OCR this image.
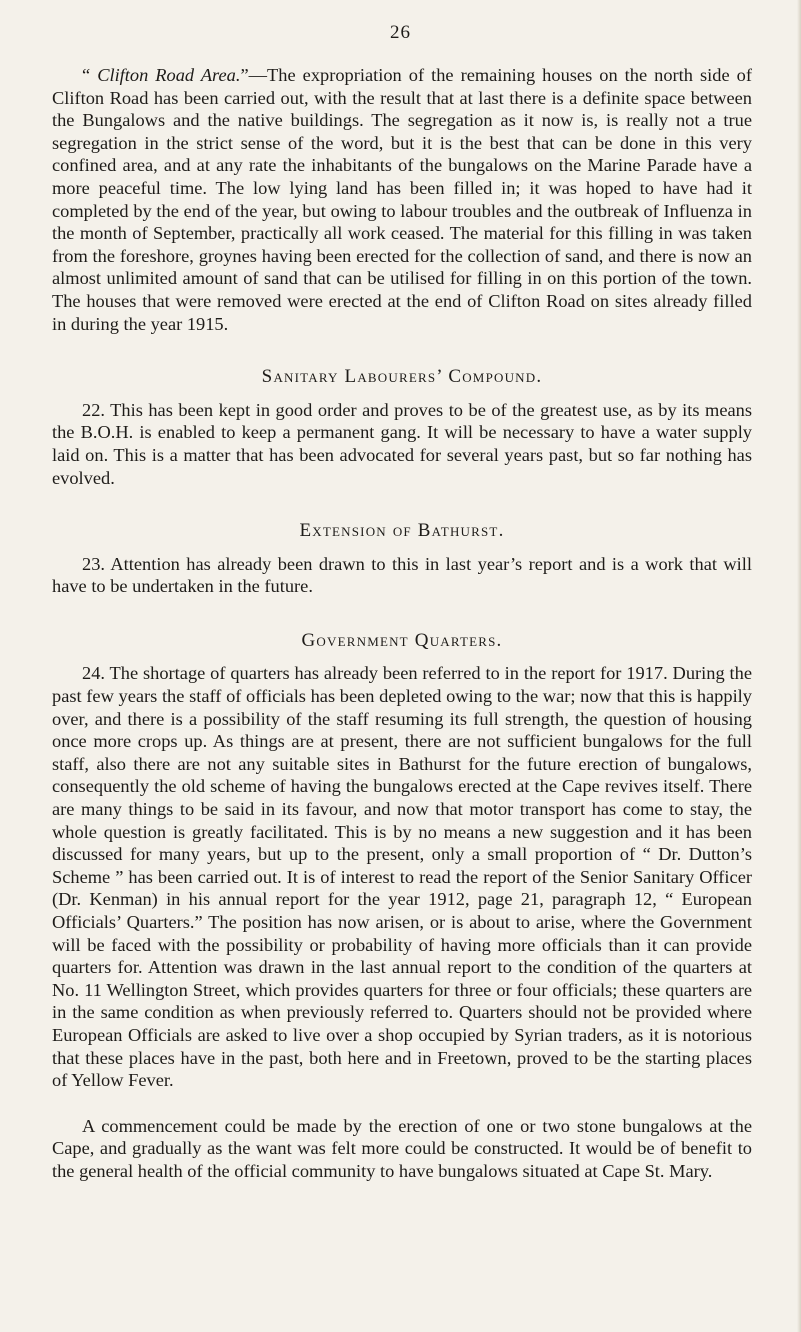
26

“ Clifton Road Area.”—The expropriation of the remaining houses on the north side of Clifton Road has been carried out, with the result that at last there is a definite space between the Bungalows and the native buildings. The segregation as it now is, is really not a true segregation in the strict sense of the word, but it is the best that can be done in this very confined area, and at any rate the inhabitants of the bungalows on the Marine Parade have a more peaceful time. The low lying land has been filled in; it was hoped to have had it completed by the end of the year, but owing to labour troubles and the outbreak of Influenza in the month of September, practically all work ceased. The material for this filling in was taken from the foreshore, groynes having been erected for the collection of sand, and there is now an almost unlimited amount of sand that can be utilised for filling in on this portion of the town. The houses that were removed were erected at the end of Clifton Road on sites already filled in during the year 1915.

Sanitary Labourers’ Compound.

22. This has been kept in good order and proves to be of the greatest use, as by its means the B.O.H. is enabled to keep a permanent gang. It will be necessary to have a water supply laid on. This is a matter that has been advocated for several years past, but so far nothing has evolved.

Extension of Bathurst.

23. Attention has already been drawn to this in last year’s report and is a work that will have to be undertaken in the future.

Government Quarters.

24. The shortage of quarters has already been referred to in the report for 1917. During the past few years the staff of officials has been depleted owing to the war; now that this is happily over, and there is a possibility of the staff resuming its full strength, the question of housing once more crops up. As things are at present, there are not sufficient bungalows for the full staff, also there are not any suitable sites in Bathurst for the future erection of bungalows, consequently the old scheme of having the bungalows erected at the Cape revives itself. There are many things to be said in its favour, and now that motor transport has come to stay, the whole question is greatly facilitated. This is by no means a new suggestion and it has been discussed for many years, but up to the present, only a small proportion of “ Dr. Dutton’s Scheme ” has been carried out. It is of interest to read the report of the Senior Sanitary Officer (Dr. Kenman) in his annual report for the year 1912, page 21, paragraph 12, “ European Officials’ Quarters.” The position has now arisen, or is about to arise, where the Government will be faced with the possibility or probability of having more officials than it can provide quarters for. Attention was drawn in the last annual report to the condition of the quarters at No. 11 Wellington Street, which provides quarters for three or four officials; these quarters are in the same condition as when previously referred to. Quarters should not be provided where European Officials are asked to live over a shop occupied by Syrian traders, as it is notorious that these places have in the past, both here and in Freetown, proved to be the starting places of Yellow Fever.

A commencement could be made by the erection of one or two stone bungalows at the Cape, and gradually as the want was felt more could be constructed. It would be of benefit to the general health of the official community to have bungalows situated at Cape St. Mary.
